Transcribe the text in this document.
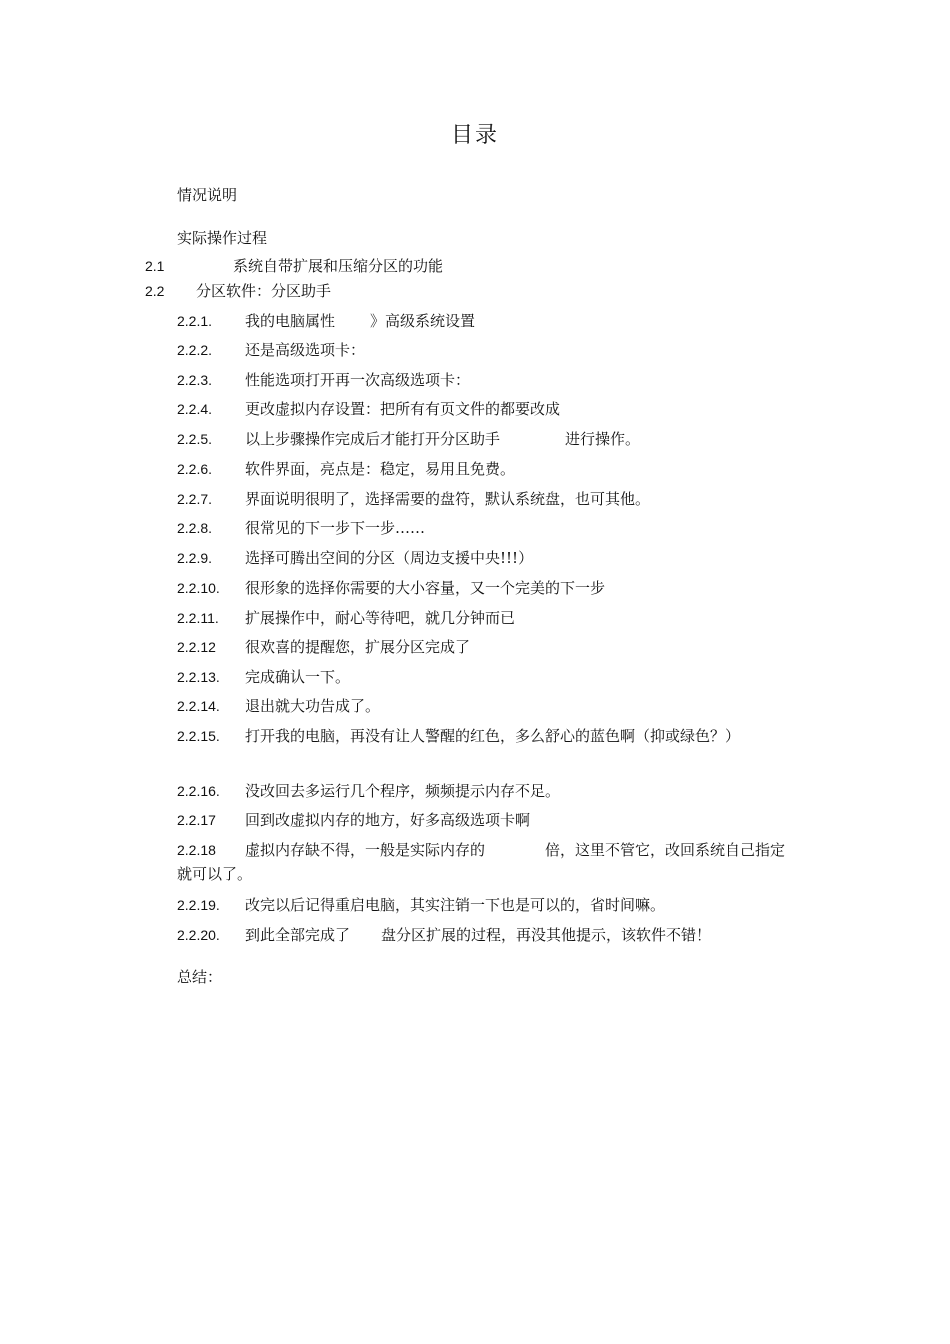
目录
情况说明
实际操作过程
2.1	系统自带扩展和压缩分区的功能
2.2 分区软件：分区助手
2.2.1. 我的电脑属性 》高级系统设置
2.2.2. 还是高级选项卡：
2.2.3. 性能选项打开再一次高级选项卡：
2.2.4. 更改虚拟内存设置：把所有有页文件的都要改成
2.2.5. 以上步骤操作完成后才能打开分区助手	进行操作。
2.2.6. 软件界面，亮点是：稳定，易用且免费。
2.2.7. 界面说明很明了，选择需要的盘符，默认系统盘，也可其他。
2.2.8. 很常见的下一步下一步……
2.2.9. 选择可腾出空间的分区（周边支援中央!!!）
2.2.10. 很形象的选择你需要的大小容量，又一个完美的下一步
2.2.11. 扩展操作中，耐心等待吧，就几分钟而已
2.2.12 很欢喜的提醒您，扩展分区完成了
2.2.13. 完成确认一下。
2.2.14. 退出就大功告成了。
2.2.15. 打开我的电脑，再没有让人警醒的红色，多么舒心的蓝色啊（抑或绿色？）
2.2.16. 没改回去多运行几个程序，频频提示内存不足。
2.2.17 回到改虚拟内存的地方，好多高级选项卡啊
2.2.18 虚拟内存缺不得，一般是实际内存的	倍，这里不管它，改回系统自己指定
就可以了。
2.2.19. 改完以后记得重启电脑，其实注销一下也是可以的，省时间嘛。
2.2.20. 到此全部完成了 盘分区扩展的过程，再没其他提示，该软件不错！
总结：
